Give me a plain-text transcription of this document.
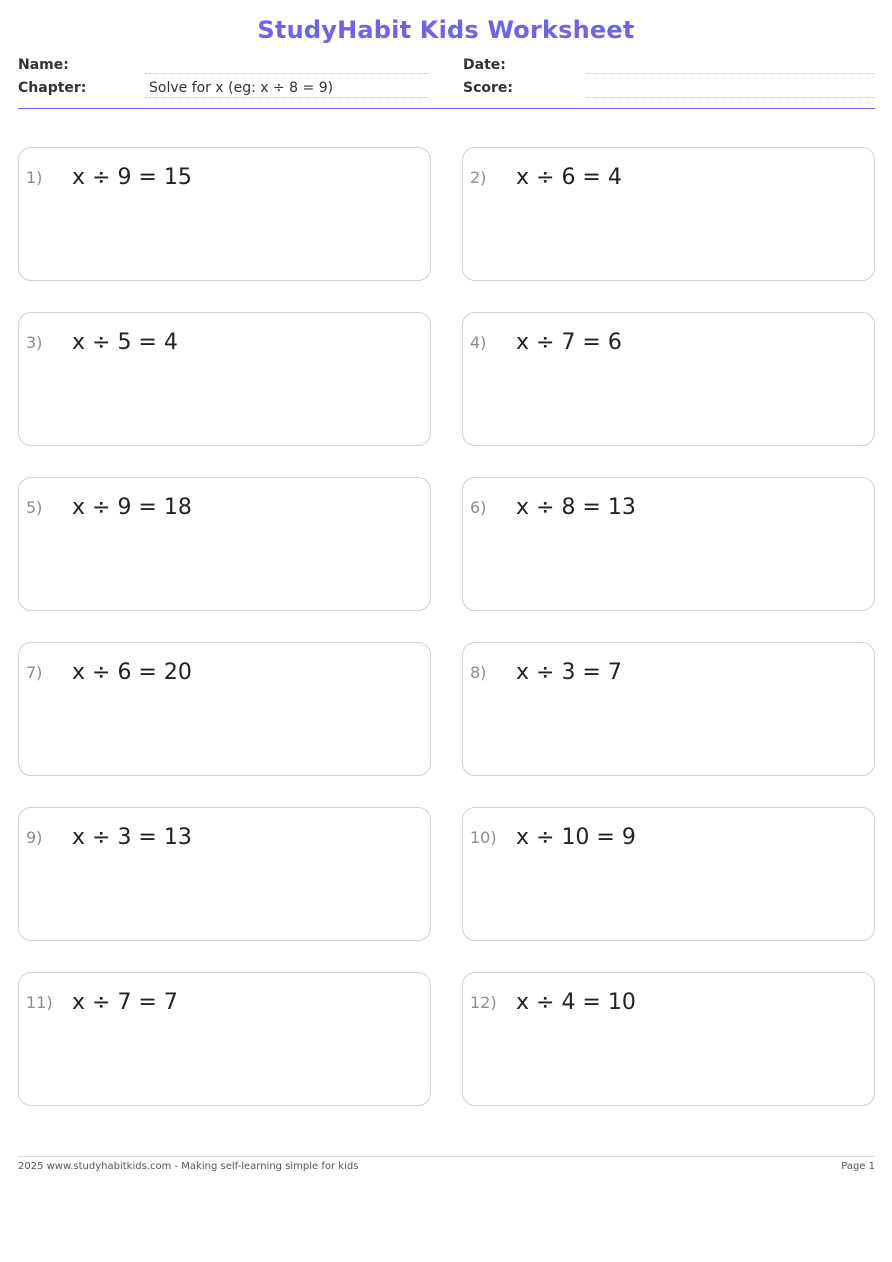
StudyHabit Kids Worksheet
Name:
Chapter:	Solve for x (eg: x ÷ 8 = 9)
Date:
Score:
1) x ÷ 9 = 15	2) x ÷ 6 = 4
3) x ÷ 5 = 4	4) x ÷ 7 = 6
5) x ÷ 9 = 18	6) x ÷ 8 = 13
7) x ÷ 6 = 20	8) x ÷ 3 = 7
9) x ÷ 3 = 13	10) x ÷ 10 = 9
11) x ÷ 7 = 7	12) x ÷ 4 = 10
2025 www.studyhabitkids.com - Making self-learning simple for kids	Page 1
